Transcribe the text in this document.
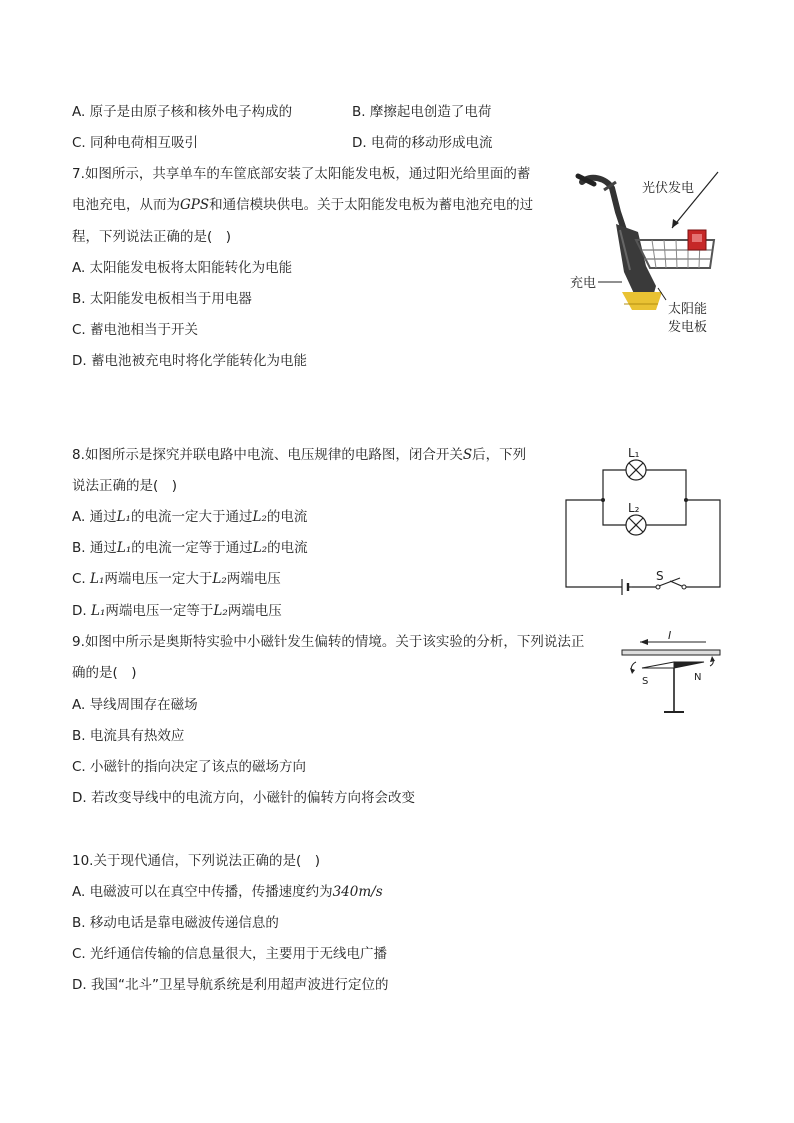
A. 原子是由原子核和核外电子构成的	B. 摩擦起电创造了电荷
C. 同种电荷相互吸引	D. 电荷的移动形成电流
7.如图所示，共享单车的车筐底部安装了太阳能发电板，通过阳光给里面的蓄
电池充电，从而为GPS和通信模块供电。关于太阳能发电板为蓄电池充电的过
程，下列说法正确的是(　)
A. 太阳能发电板将太阳能转化为电能
B. 太阳能发电板相当于用电器
C. 蓄电池相当于开关
D. 蓄电池被充电时将化学能转化为电能
光伏发电
充电
太阳能
发电板
8.如图所示是探究并联电路中电流、电压规律的电路图，闭合开关S后，下列
说法正确的是(　)
A. 通过L₁的电流一定大于通过L₂的电流
B. 通过L₁的电流一定等于通过L₂的电流
C. L₁两端电压一定大于L₂两端电压
D. L₁两端电压一定等于L₂两端电压
S
L₁
L₂
9.如图中所示是奥斯特实验中小磁针发生偏转的情境。关于该实验的分析，下列说法正
确的是(　)
A. 导线周围存在磁场
B. 电流具有热效应
C. 小磁针的指向决定了该点的磁场方向
D. 若改变导线中的电流方向，小磁针的偏转方向将会改变
I
S	N
10.关于现代通信，下列说法正确的是(　)
A. 电磁波可以在真空中传播，传播速度约为340m/s
B. 移动电话是靠电磁波传递信息的
C. 光纤通信传输的信息量很大，主要用于无线电广播
D. 我国“北斗”卫星导航系统是利用超声波进行定位的
